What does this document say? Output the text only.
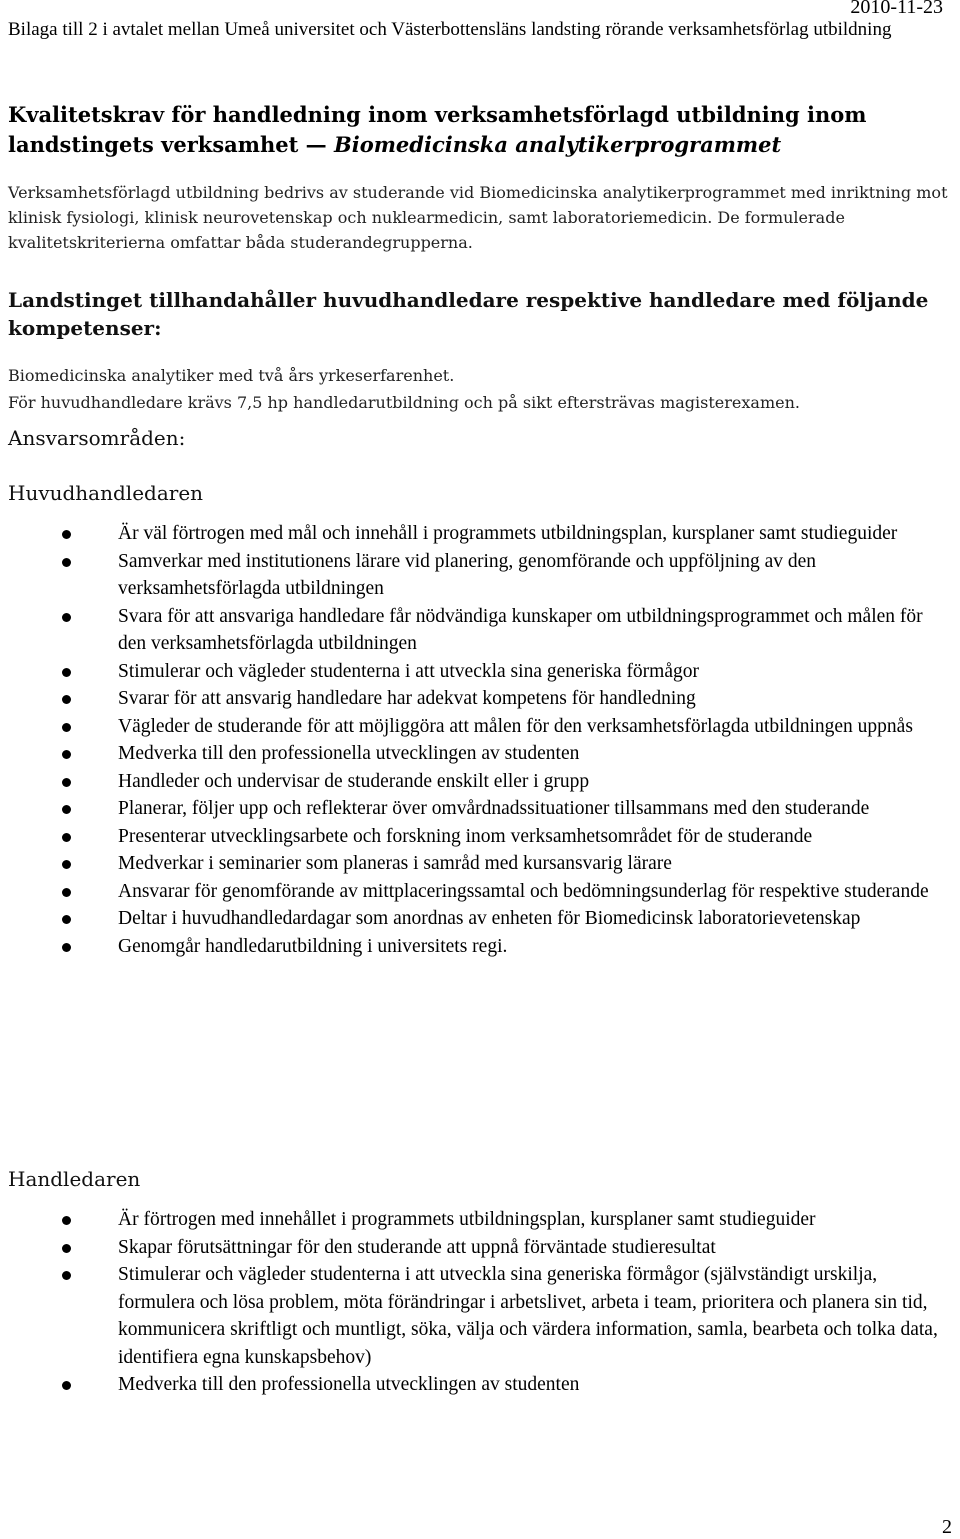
2010-11-23
Bilaga till 2 i avtalet mellan Umeå universitet och Västerbottensläns landsting rörande verksamhetsförlag utbildning
Kvalitetskrav för handledning inom verksamhetsförlagd utbildning inom landstingets verksamhet — Biomedicinska analytikerprogrammet
Verksamhetsförlagd utbildning bedrivs av studerande vid Biomedicinska analytikerprogrammet med inriktning mot klinisk fysiologi, klinisk neurovetenskap och nuklearmedicin, samt laboratoriemedicin. De formulerade kvalitetskriterierna omfattar båda studerandegrupperna.
Landstinget tillhandahåller huvudhandledare respektive handledare med följande kompetenser:
Biomedicinska analytiker med två års yrkeserfarenhet.
För huvudhandledare krävs 7,5 hp handledarutbildning och på sikt eftersträvas magisterexamen.
Ansvarsområden:
Huvudhandledaren
Är väl förtrogen med mål och innehåll i programmets utbildningsplan, kursplaner samt studieguider
Samverkar med institutionens lärare vid planering, genomförande och uppföljning av den verksamhetsförlagda utbildningen
Svara för att ansvariga handledare får nödvändiga kunskaper om utbildningsprogrammet och målen för den verksamhetsförlagda utbildningen
Stimulerar och vägleder studenterna i att utveckla sina generiska förmågor
Svarar för att ansvarig handledare har adekvat kompetens för handledning
Vägleder de studerande för att möjliggöra att målen för den verksamhetsförlagda utbildningen uppnås
Medverka till den professionella utvecklingen av studenten
Handleder och undervisar de studerande enskilt eller i grupp
Planerar, följer upp och reflekterar över omvårdnadssituationer tillsammans med den studerande
Presenterar utvecklingsarbete och forskning inom verksamhetsområdet för de studerande
Medverkar i seminarier som planeras i samråd med kursansvarig lärare
Ansvarar för genomförande av mittplaceringssamtal och bedömningsunderlag för respektive studerande
Deltar i huvudhandledardagar som anordnas av enheten för Biomedicinsk laboratorievetenskap
Genomgår handledarutbildning i universitets regi.
Handledaren
Är förtrogen med innehållet i programmets utbildningsplan, kursplaner samt studieguider
Skapar förutsättningar för den studerande att uppnå förväntade studieresultat
Stimulerar och vägleder studenterna i att utveckla sina generiska förmågor (självständigt urskilja, formulera och lösa problem, möta förändringar i arbetslivet, arbeta i team, prioritera och planera sin tid, kommunicera skriftligt och muntligt, söka, välja och värdera information, samla, bearbeta och tolka data, identifiera egna kunskapsbehov)
Medverka till den professionella utvecklingen av studenten
2
